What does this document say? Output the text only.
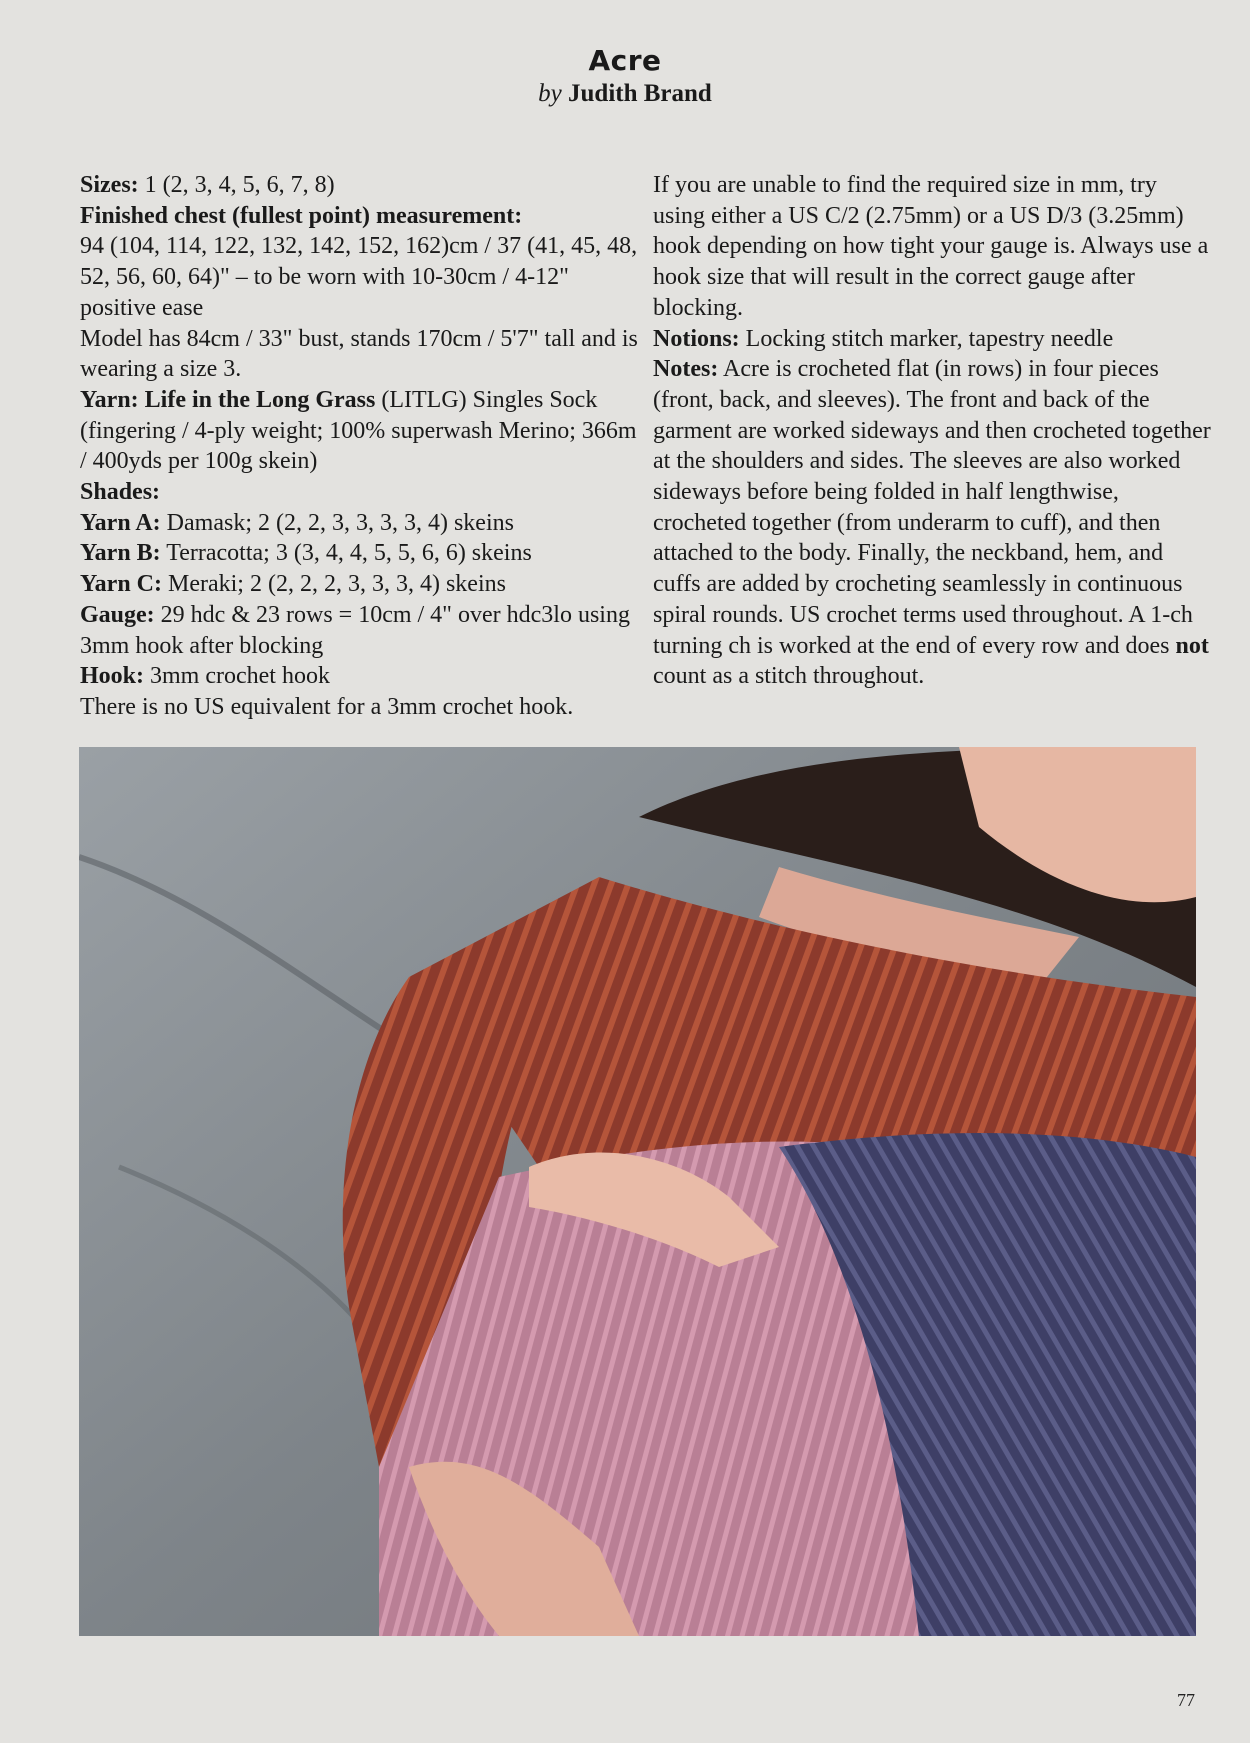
Acre
by Judith Brand

Sizes: 1 (2, 3, 4, 5, 6, 7, 8)

Finished chest (fullest point) measurement:

94 (104, 114, 122, 132, 142, 152, 162)cm / 37 (41, 45, 48, 52, 56, 60, 64)" – to be worn with 10-30cm / 4-12" positive ease

Model has 84cm / 33" bust, stands 170cm / 5'7" tall and is wearing a size 3.

Yarn: Life in the Long Grass (LITLG) Singles Sock (fingering / 4-ply weight; 100% superwash Merino; 366m / 400yds per 100g skein)

Shades:

Yarn A: Damask; 2 (2, 2, 3, 3, 3, 3, 4) skeins

Yarn B: Terracotta; 3 (3, 4, 4, 5, 5, 6, 6) skeins

Yarn C: Meraki; 2 (2, 2, 2, 3, 3, 3, 4) skeins

Gauge: 29 hdc & 23 rows = 10cm / 4" over hdc3lo using 3mm hook after blocking

Hook: 3mm crochet hook

There is no US equivalent for a 3mm crochet hook.

If you are unable to find the required size in mm, try using either a US C/2 (2.75mm) or a US D/3 (3.25mm) hook depending on how tight your gauge is. Always use a hook size that will result in the correct gauge after blocking.

Notions: Locking stitch marker, tapestry needle

Notes: Acre is crocheted flat (in rows) in four pieces (front, back, and sleeves). The front and back of the garment are worked sideways and then crocheted together at the shoulders and sides. The sleeves are also worked sideways before being folded in half lengthwise, crocheted together (from underarm to cuff), and then attached to the body. Finally, the neckband, hem, and cuffs are added by crocheting seamlessly in continuous spiral rounds. US crochet terms used throughout. A 1-ch turning ch is worked at the end of every row and does not count as a stitch throughout.

77
